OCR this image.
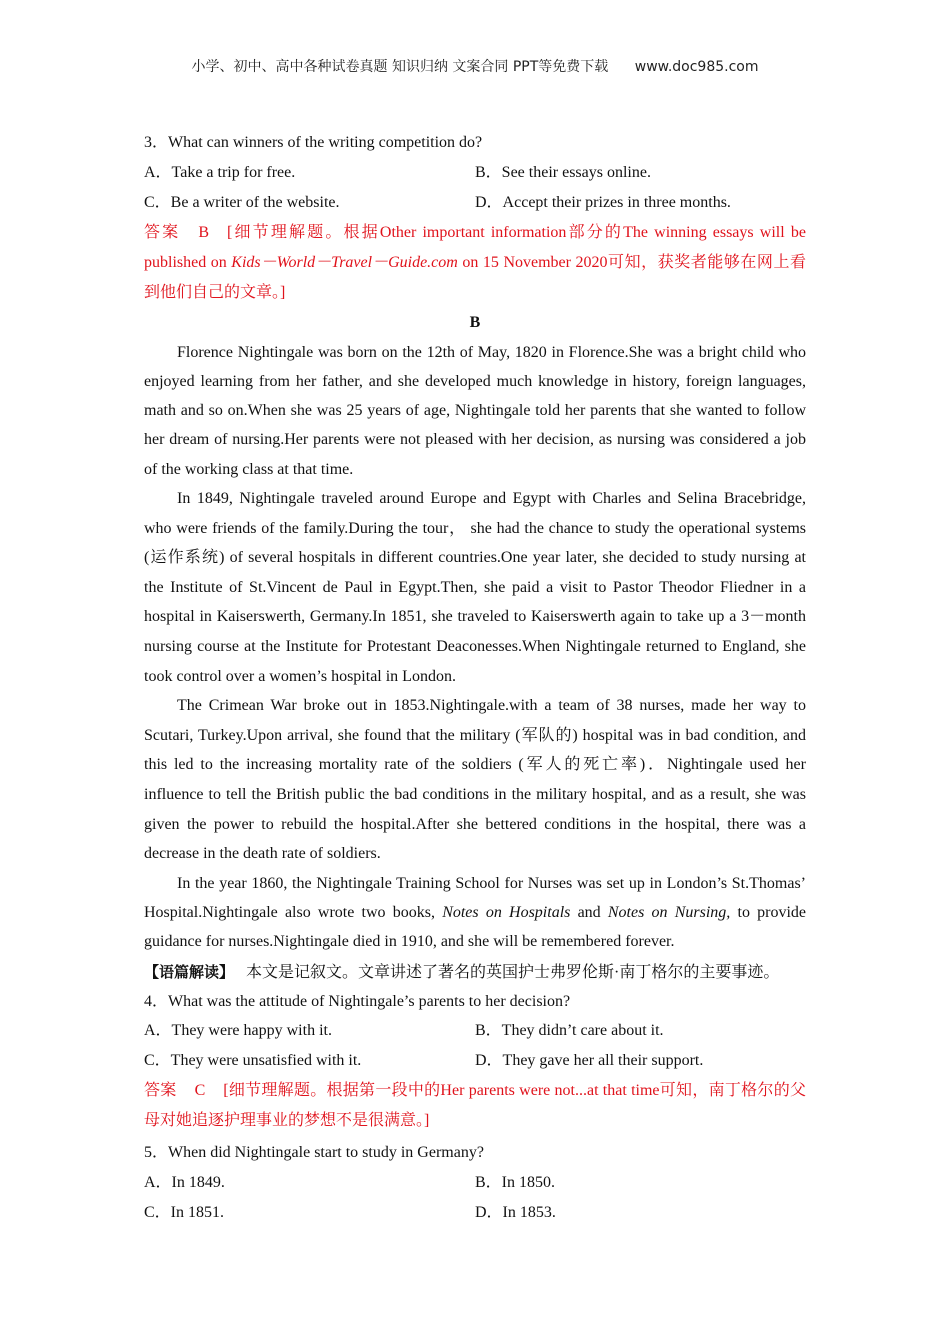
小学、初中、高中各种试卷真题 知识归纳 文案合同 PPT等免费下载 www.doc985.com
3．What can winners of the writing competition do?
A．Take a trip for free.	B．See their essays online.
C．Be a writer of the website.	D．Accept their prizes in three months.
答案 B [细节理解题。根据Other important information部分的The winning essays will be published on Kids－World－Travel－Guide.com on 15 November 2020可知，获奖者能够在网上看到他们自己的文章。]
B
Florence Nightingale was born on the 12th of May, 1820 in Florence.She was a bright child who enjoyed learning from her father, and she developed much knowledge in history, foreign languages, math and so on.When she was 25 years of age, Nightingale told her parents that she wanted to follow her dream of nursing.Her parents were not pleased with her decision, as nursing was considered a job of the working class at that time.
In 1849, Nightingale traveled around Europe and Egypt with Charles and Selina Bracebridge, who were friends of the family.During the tour， she had the chance to study the operational systems (运作系统) of several hospitals in different countries.One year later, she decided to study nursing at the Institute of St.Vincent de Paul in Egypt.Then, she paid a visit to Pastor Theodor Fliedner in a hospital in Kaiserswerth, Germany.In 1851, she traveled to Kaiserswerth again to take up a 3－month nursing course at the Institute for Protestant Deaconesses.When Nightingale returned to England, she took control over a women’s hospital in London.
The Crimean War broke out in 1853.Nightingale.with a team of 38 nurses, made her way to Scutari, Turkey.Upon arrival, she found that the military (军队的) hospital was in bad condition, and this led to the increasing mortality rate of the soldiers (军人的死亡率)．Nightingale used her influence to tell the British public the bad conditions in the military hospital, and as a result, she was given the power to rebuild the hospital.After she bettered conditions in the hospital, there was a decrease in the death rate of soldiers.
In the year 1860, the Nightingale Training School for Nurses was set up in London’s St.Thomas’ Hospital.Nightingale also wrote two books, Notes on Hospitals and Notes on Nursing, to provide guidance for nurses.Nightingale died in 1910, and she will be remembered forever.
【语篇解读】 本文是记叙文。文章讲述了著名的英国护士弗罗伦斯·南丁格尔的主要事迹。
4．What was the attitude of Nightingale’s parents to her decision?
A．They were happy with it.	B．They didn’t care about it.
C．They were unsatisfied with it.	D．They gave her all their support.
答案 C [细节理解题。根据第一段中的Her parents were not...at that time可知，南丁格尔的父母对她追逐护理事业的梦想不是很满意。]
5．When did Nightingale start to study in Germany?
A．In 1849.	B．In 1850.
C．In 1851.	D．In 1853.
